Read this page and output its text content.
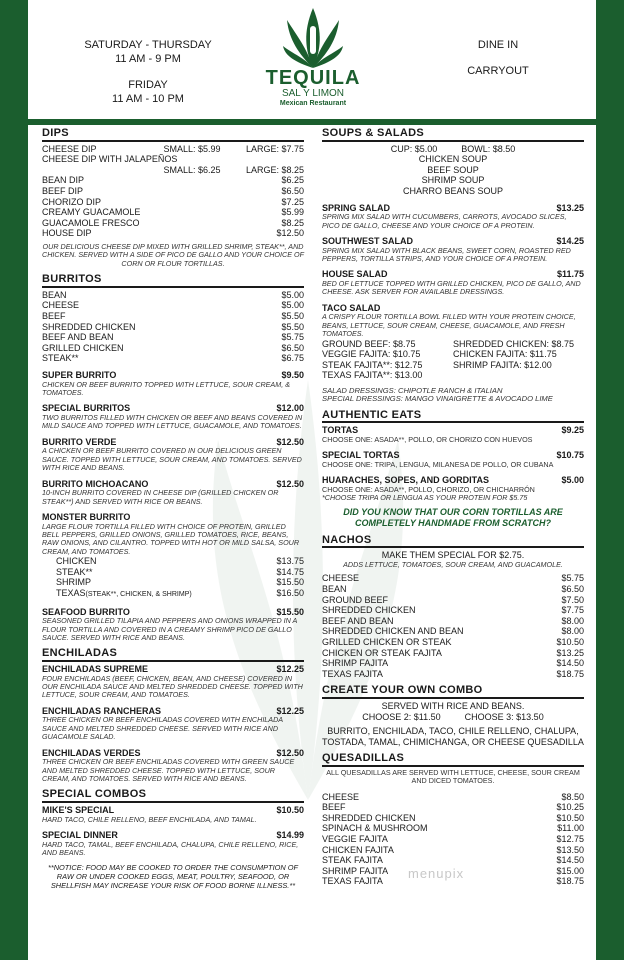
SATURDAY - THURSDAY
11 AM - 9 PM
FRIDAY
11 AM - 10 PM
TEQUILA
SAL Y LIMON
Mexican Restaurant
DINE IN
CARRYOUT
DIPS
CHEESE DIP	SMALL: $5.99	LARGE: $7.75
CHEESE DIP WITH JALAPEÑOS
SMALL: $6.25	LARGE: $8.25
BEAN DIP	$6.25
BEEF DIP	$6.50
CHORIZO DIP	$7.25
CREAMY GUACAMOLE	$5.99
GUACAMOLE FRESCO	$8.25
HOUSE DIP	$12.50
OUR DELICIOUS CHEESE DIP MIXED WITH GRILLED SHRIMP, STEAK**, AND CHICKEN. SERVED WITH A SIDE OF PICO DE GALLO AND YOUR CHOICE OF CORN OR FLOUR TORTILLAS.
BURRITOS
BEAN	$5.00
CHEESE	$5.00
BEEF	$5.50
SHREDDED CHICKEN	$5.50
BEEF AND BEAN	$5.75
GRILLED CHICKEN	$6.50
STEAK**	$6.75
SUPER BURRITO	$9.50
CHICKEN OR BEEF BURRITO TOPPED WITH LETTUCE, SOUR CREAM, & TOMATOES.
SPECIAL BURRITOS	$12.00
TWO BURRITOS FILLED WITH CHICKEN OR BEEF AND BEANS COVERED IN MILD SAUCE AND TOPPED WITH LETTUCE, GUACAMOLE, AND TOMATOES.
BURRITO VERDE	$12.50
A CHICKEN OR BEEF BURRITO COVERED IN OUR DELICIOUS GREEN SAUCE. TOPPED WITH LETTUCE, SOUR CREAM, AND TOMATOES. SERVED WITH RICE AND BEANS.
BURRITO MICHOACANO	$12.50
10-INCH BURRITO COVERED IN CHEESE DIP (GRILLED CHICKEN OR STEAK**) AND SERVED WITH RICE OR BEANS.
MONSTER BURRITO
LARGE FLOUR TORTILLA FILLED WITH CHOICE OF PROTEIN, GRILLED BELL PEPPERS, GRILLED ONIONS, GRILLED TOMATOES, RICE, BEANS, RAW ONIONS, AND CILANTRO. TOPPED WITH HOT OR MILD SALSA, SOUR CREAM, AND TOMATOES.
CHICKEN	$13.75
STEAK**	$14.75
SHRIMP	$15.50
TEXAS(STEAK**, CHICKEN, & SHRIMP)	$16.50
SEAFOOD BURRITO	$15.50
SEASONED GRILLED TILAPIA AND PEPPERS AND ONIONS WRAPPED IN A FLOUR TORTILLA AND COVERED IN A CREAMY SHRIMP PICO DE GALLO SAUCE. SERVED WITH RICE AND BEANS.
ENCHILADAS
ENCHILADAS SUPREME	$12.25
FOUR ENCHILADAS (BEEF, CHICKEN, BEAN, AND CHEESE) COVERED IN OUR ENCHILADA SAUCE AND MELTED SHREDDED CHEESE. TOPPED WITH LETTUCE, SOUR CREAM, AND TOMATOES.
ENCHILADAS RANCHERAS	$12.25
THREE CHICKEN OR BEEF ENCHILADAS COVERED WITH ENCHILADA SAUCE AND MELTED SHREDDED CHEESE. SERVED WITH RICE AND GUACAMOLE SALAD.
ENCHILADAS VERDES	$12.50
THREE CHICKEN OR BEEF ENCHILADAS COVERED WITH GREEN SAUCE AND MELTED SHREDDED CHEESE. TOPPED WITH LETTUCE, SOUR CREAM, AND TOMATOES. SERVED WITH RICE AND BEANS.
SPECIAL COMBOS
MIKE'S SPECIAL	$10.50
HARD TACO, CHILE RELLENO, BEEF ENCHILADA, AND TAMAL.
SPECIAL DINNER	$14.99
HARD TACO, TAMAL, BEEF ENCHILADA, CHALUPA, CHILE RELLENO, RICE, AND BEANS.
**NOTICE: FOOD MAY BE COOKED TO ORDER THE CONSUMPTION OF RAW OR UNDER COOKED EGGS, MEAT, POULTRY, SEAFOOD, OR SHELLFISH MAY INCREASE YOUR RISK OF FOOD BORNE ILLNESS.**
SOUPS & SALADS
CUP: $5.00	BOWL: $8.50
CHICKEN SOUP
BEEF SOUP
SHRIMP SOUP
CHARRO BEANS SOUP
SPRING SALAD	$13.25
SPRING MIX SALAD WITH CUCUMBERS, CARROTS, AVOCADO SLICES, PICO DE GALLO, CHEESE AND YOUR CHOICE OF A PROTEIN.
SOUTHWEST SALAD	$14.25
SPRING MIX SALAD WITH BLACK BEANS, SWEET CORN, ROASTED RED PEPPERS, TORTILLA STRIPS, AND YOUR CHOICE OF A PROTEIN.
HOUSE SALAD	$11.75
BED OF LETTUCE TOPPED WITH GRILLED CHICKEN, PICO DE GALLO, AND CHEESE. ASK SERVER FOR AVAILABLE DRESSINGS.
TACO SALAD
A CRISPY FLOUR TORTILLA BOWL FILLED WITH YOUR PROTEIN CHOICE, BEANS, LETTUCE, SOUR CREAM, CHEESE, GUACAMOLE, AND FRESH TOMATOES.
GROUND BEEF: $8.75	SHREDDED CHICKEN: $8.75
VEGGIE FAJITA: $10.75	CHICKEN FAJITA: $11.75
STEAK FAJITA**: $12.75	SHRIMP FAJITA: $12.00
TEXAS FAJITA**: $13.00
SALAD DRESSINGS: CHIPOTLE RANCH & ITALIAN
SPECIAL DRESSINGS: MANGO VINAIGRETTE & AVOCADO LIME
AUTHENTIC EATS
TORTAS	$9.25
CHOOSE ONE: ASADA**, POLLO, OR CHORIZO CON HUEVOS
SPECIAL TORTAS	$10.75
CHOOSE ONE: TRIPA, LENGUA, MILANESA DE POLLO, OR CUBANA
HUARACHES, SOPES, AND GORDITAS	$5.00
CHOOSE ONE: ASADA**, POLLO, CHORIZO, OR CHICHARRÓN
*CHOOSE TRIPA OR LENGUA AS YOUR PROTEIN FOR $5.75
DID YOU KNOW THAT OUR CORN TORTILLAS ARE COMPLETELY HANDMADE FROM SCRATCH?
NACHOS
MAKE THEM SPECIAL FOR $2.75.
ADDS LETTUCE, TOMATOES, SOUR CREAM, AND GUACAMOLE.
CHEESE	$5.75
BEAN	$6.50
GROUND BEEF	$7.50
SHREDDED CHICKEN	$7.75
BEEF AND BEAN	$8.00
SHREDDED CHICKEN AND BEAN	$8.00
GRILLED CHICKEN OR STEAK	$10.50
CHICKEN OR STEAK FAJITA	$13.25
SHRIMP FAJITA	$14.50
TEXAS FAJITA	$18.75
CREATE YOUR OWN COMBO
SERVED WITH RICE AND BEANS.
CHOOSE 2: $11.50	CHOOSE 3: $13.50
BURRITO, ENCHILADA, TACO, CHILE RELLENO, CHALUPA, TOSTADA, TAMAL, CHIMICHANGA, OR CHEESE QUESADILLA
QUESADILLAS
ALL QUESADILLAS ARE SERVED WITH LETTUCE, CHEESE, SOUR CREAM AND DICED TOMATOES.
CHEESE	$8.50
BEEF	$10.25
SHREDDED CHICKEN	$10.50
SPINACH & MUSHROOM	$11.00
VEGGIE FAJITA	$12.75
CHICKEN FAJITA	$13.50
STEAK FAJITA	$14.50
SHRIMP FAJITA	$15.00
TEXAS FAJITA	$18.75
menupix
